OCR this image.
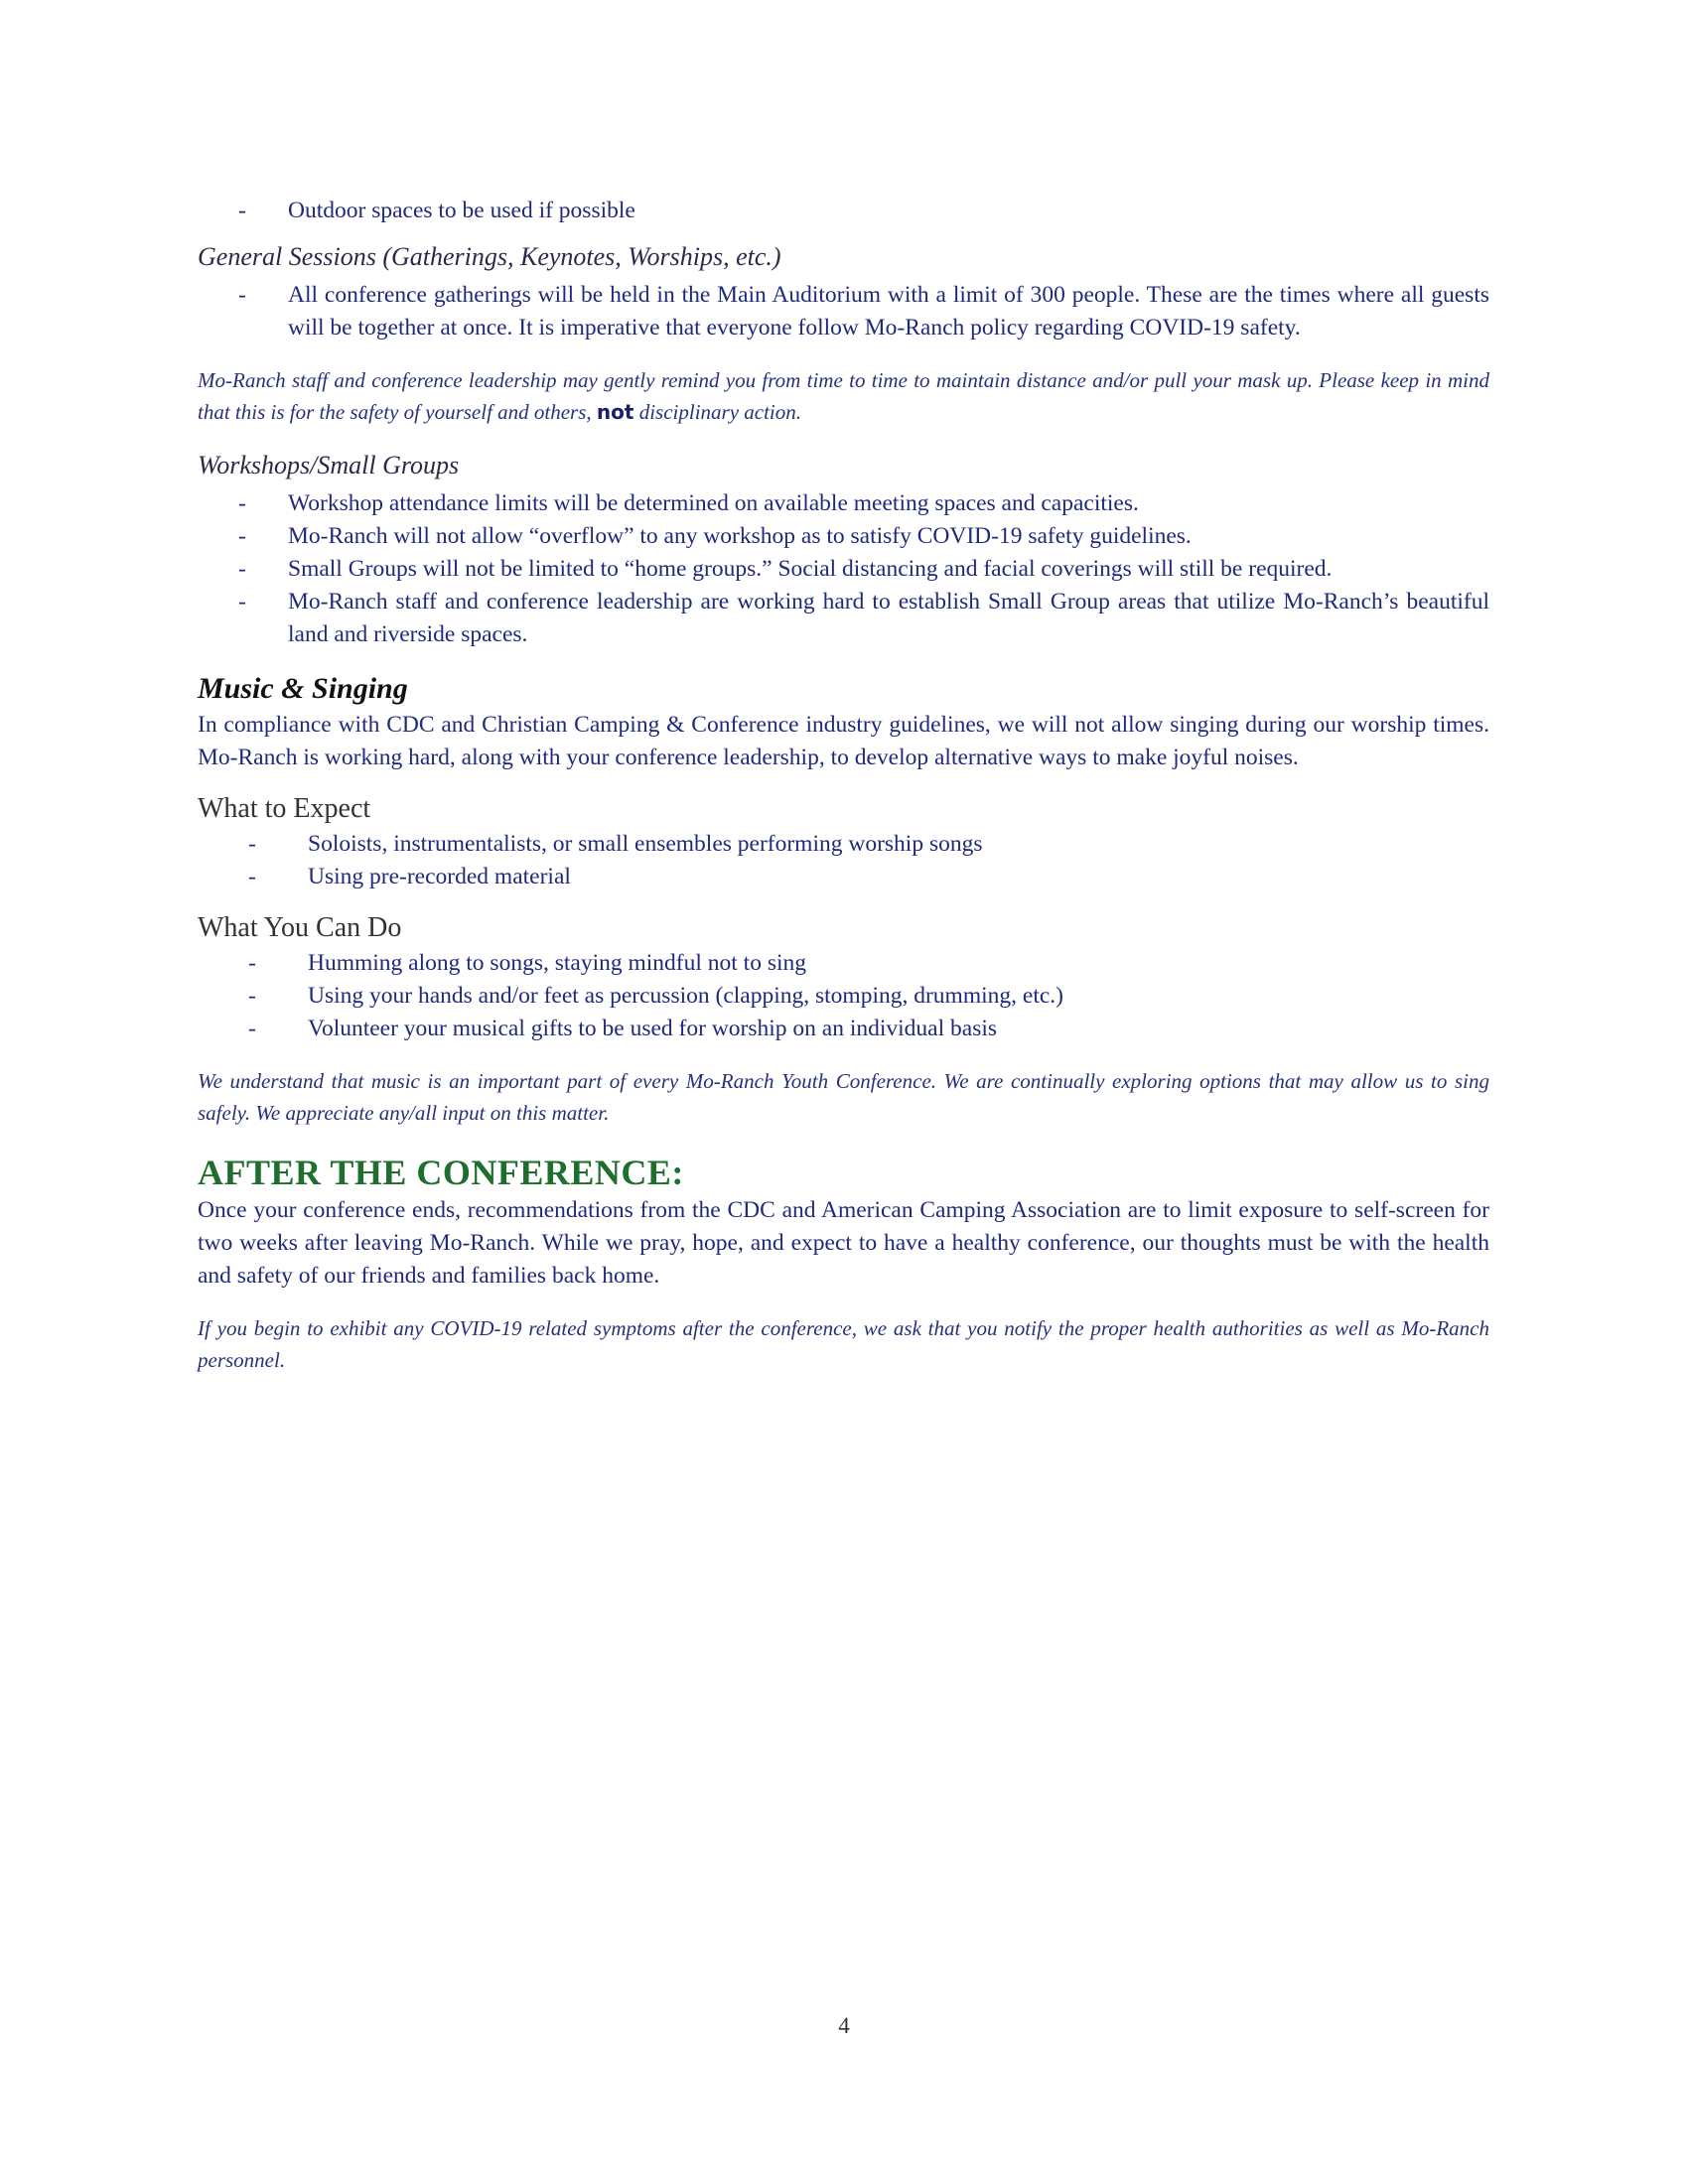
-	Outdoor spaces to be used if possible
General Sessions (Gatherings, Keynotes, Worships, etc.)
-	All conference gatherings will be held in the Main Auditorium with a limit of 300 people. These are the times where all guests will be together at once. It is imperative that everyone follow Mo-Ranch policy regarding COVID-19 safety.

Mo-Ranch staff and conference leadership may gently remind you from time to time to maintain distance and/or pull your mask up. Please keep in mind that this is for the safety of yourself and others, not disciplinary action.

Workshops/Small Groups
-	Workshop attendance limits will be determined on available meeting spaces and capacities.
-	Mo-Ranch will not allow “overflow” to any workshop as to satisfy COVID-19 safety guidelines.
-	Small Groups will not be limited to “home groups.” Social distancing and facial coverings will still be required.
-	Mo-Ranch staff and conference leadership are working hard to establish Small Group areas that utilize Mo-Ranch’s beautiful land and riverside spaces.
Music & Singing

In compliance with CDC and Christian Camping & Conference industry guidelines, we will not allow singing during our worship times. Mo-Ranch is working hard, along with your conference leadership, to develop alternative ways to make joyful noises.

What to Expect
-	Soloists, instrumentalists, or small ensembles performing worship songs
-	Using pre-recorded material
What You Can Do
-	Humming along to songs, staying mindful not to sing
-	Using your hands and/or feet as percussion (clapping, stomping, drumming, etc.)
-	Volunteer your musical gifts to be used for worship on an individual basis

We understand that music is an important part of every Mo-Ranch Youth Conference. We are continually exploring options that may allow us to sing safely. We appreciate any/all input on this matter.

AFTER THE CONFERENCE:

Once your conference ends, recommendations from the CDC and American Camping Association are to limit exposure to self-screen for two weeks after leaving Mo-Ranch. While we pray, hope, and expect to have a healthy conference, our thoughts must be with the health and safety of our friends and families back home.

If you begin to exhibit any COVID-19 related symptoms after the conference, we ask that you notify the proper health authorities as well as Mo-Ranch personnel.

4
